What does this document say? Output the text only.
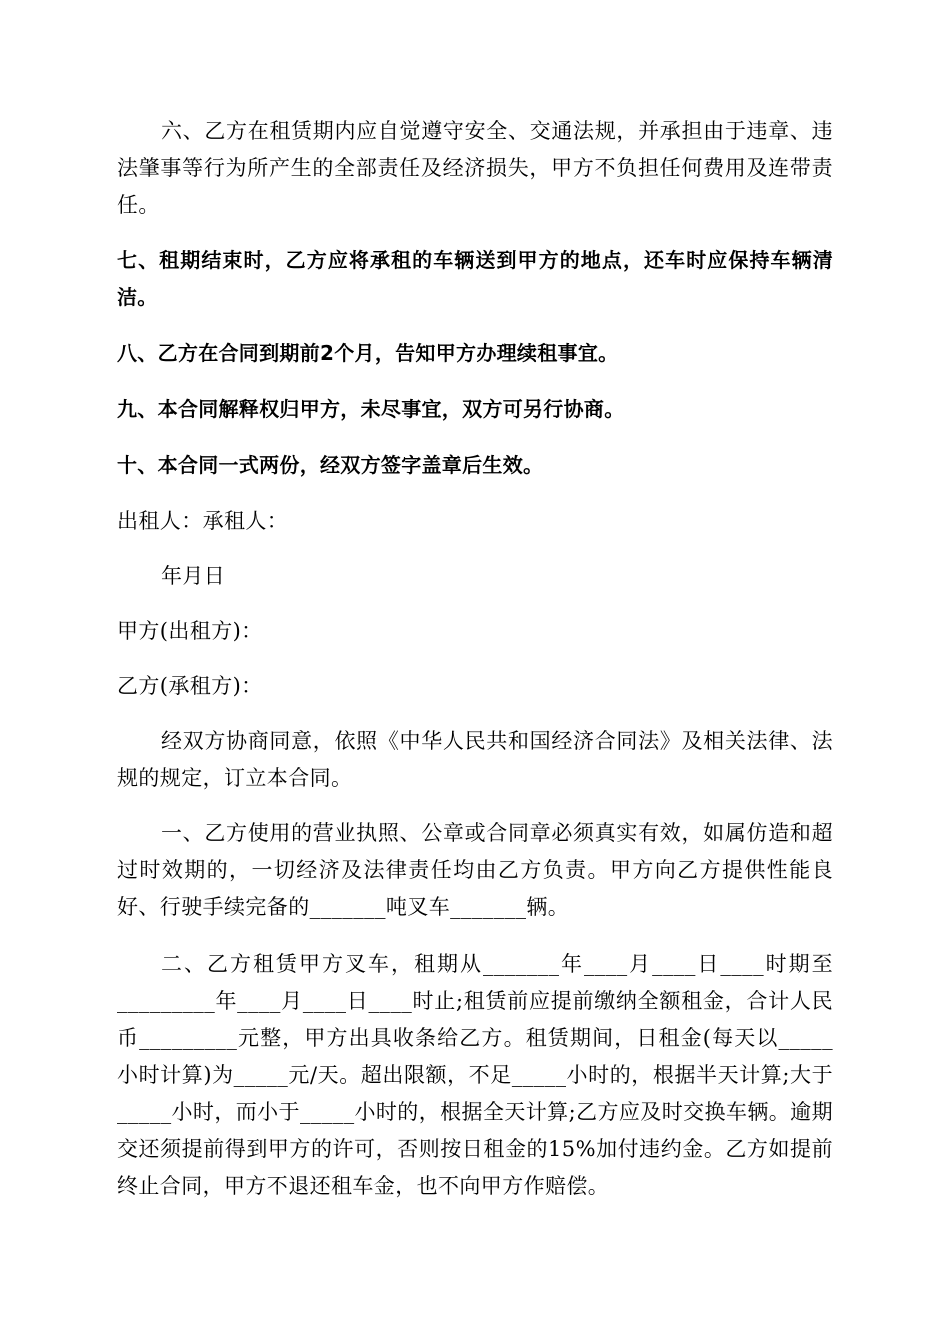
六、乙方在租赁期内应自觉遵守安全、交通法规，并承担由于违章、违法肇事等行为所产生的全部责任及经济损失，甲方不负担任何费用及连带责任。

七、租期结束时，乙方应将承租的车辆送到甲方的地点，还车时应保持车辆清洁。

八、乙方在合同到期前2个月，告知甲方办理续租事宜。

九、本合同解释权归甲方，未尽事宜，双方可另行协商。

十、本合同一式两份，经双方签字盖章后生效。

出租人：承租人：

年月日

甲方(出租方)：

乙方(承租方)：

经双方协商同意，依照《中华人民共和国经济合同法》及相关法律、法规的规定，订立本合同。

一、乙方使用的营业执照、公章或合同章必须真实有效，如属仿造和超过时效期的，一切经济及法律责任均由乙方负责。甲方向乙方提供性能良好、行驶手续完备的_______吨叉车_______辆。

二、乙方租赁甲方叉车，租期从_______年____月____日____时期至_________年____月____日____时止;租赁前应提前缴纳全额租金，合计人民币_________元整，甲方出具收条给乙方。租赁期间，日租金(每天以_____小时计算)为_____元/天。超出限额，不足_____小时的，根据半天计算;大于_____小时，而小于_____小时的，根据全天计算;乙方应及时交换车辆。逾期交还须提前得到甲方的许可，否则按日租金的15%加付违约金。乙方如提前终止合同，甲方不退还租车金，也不向甲方作赔偿。
